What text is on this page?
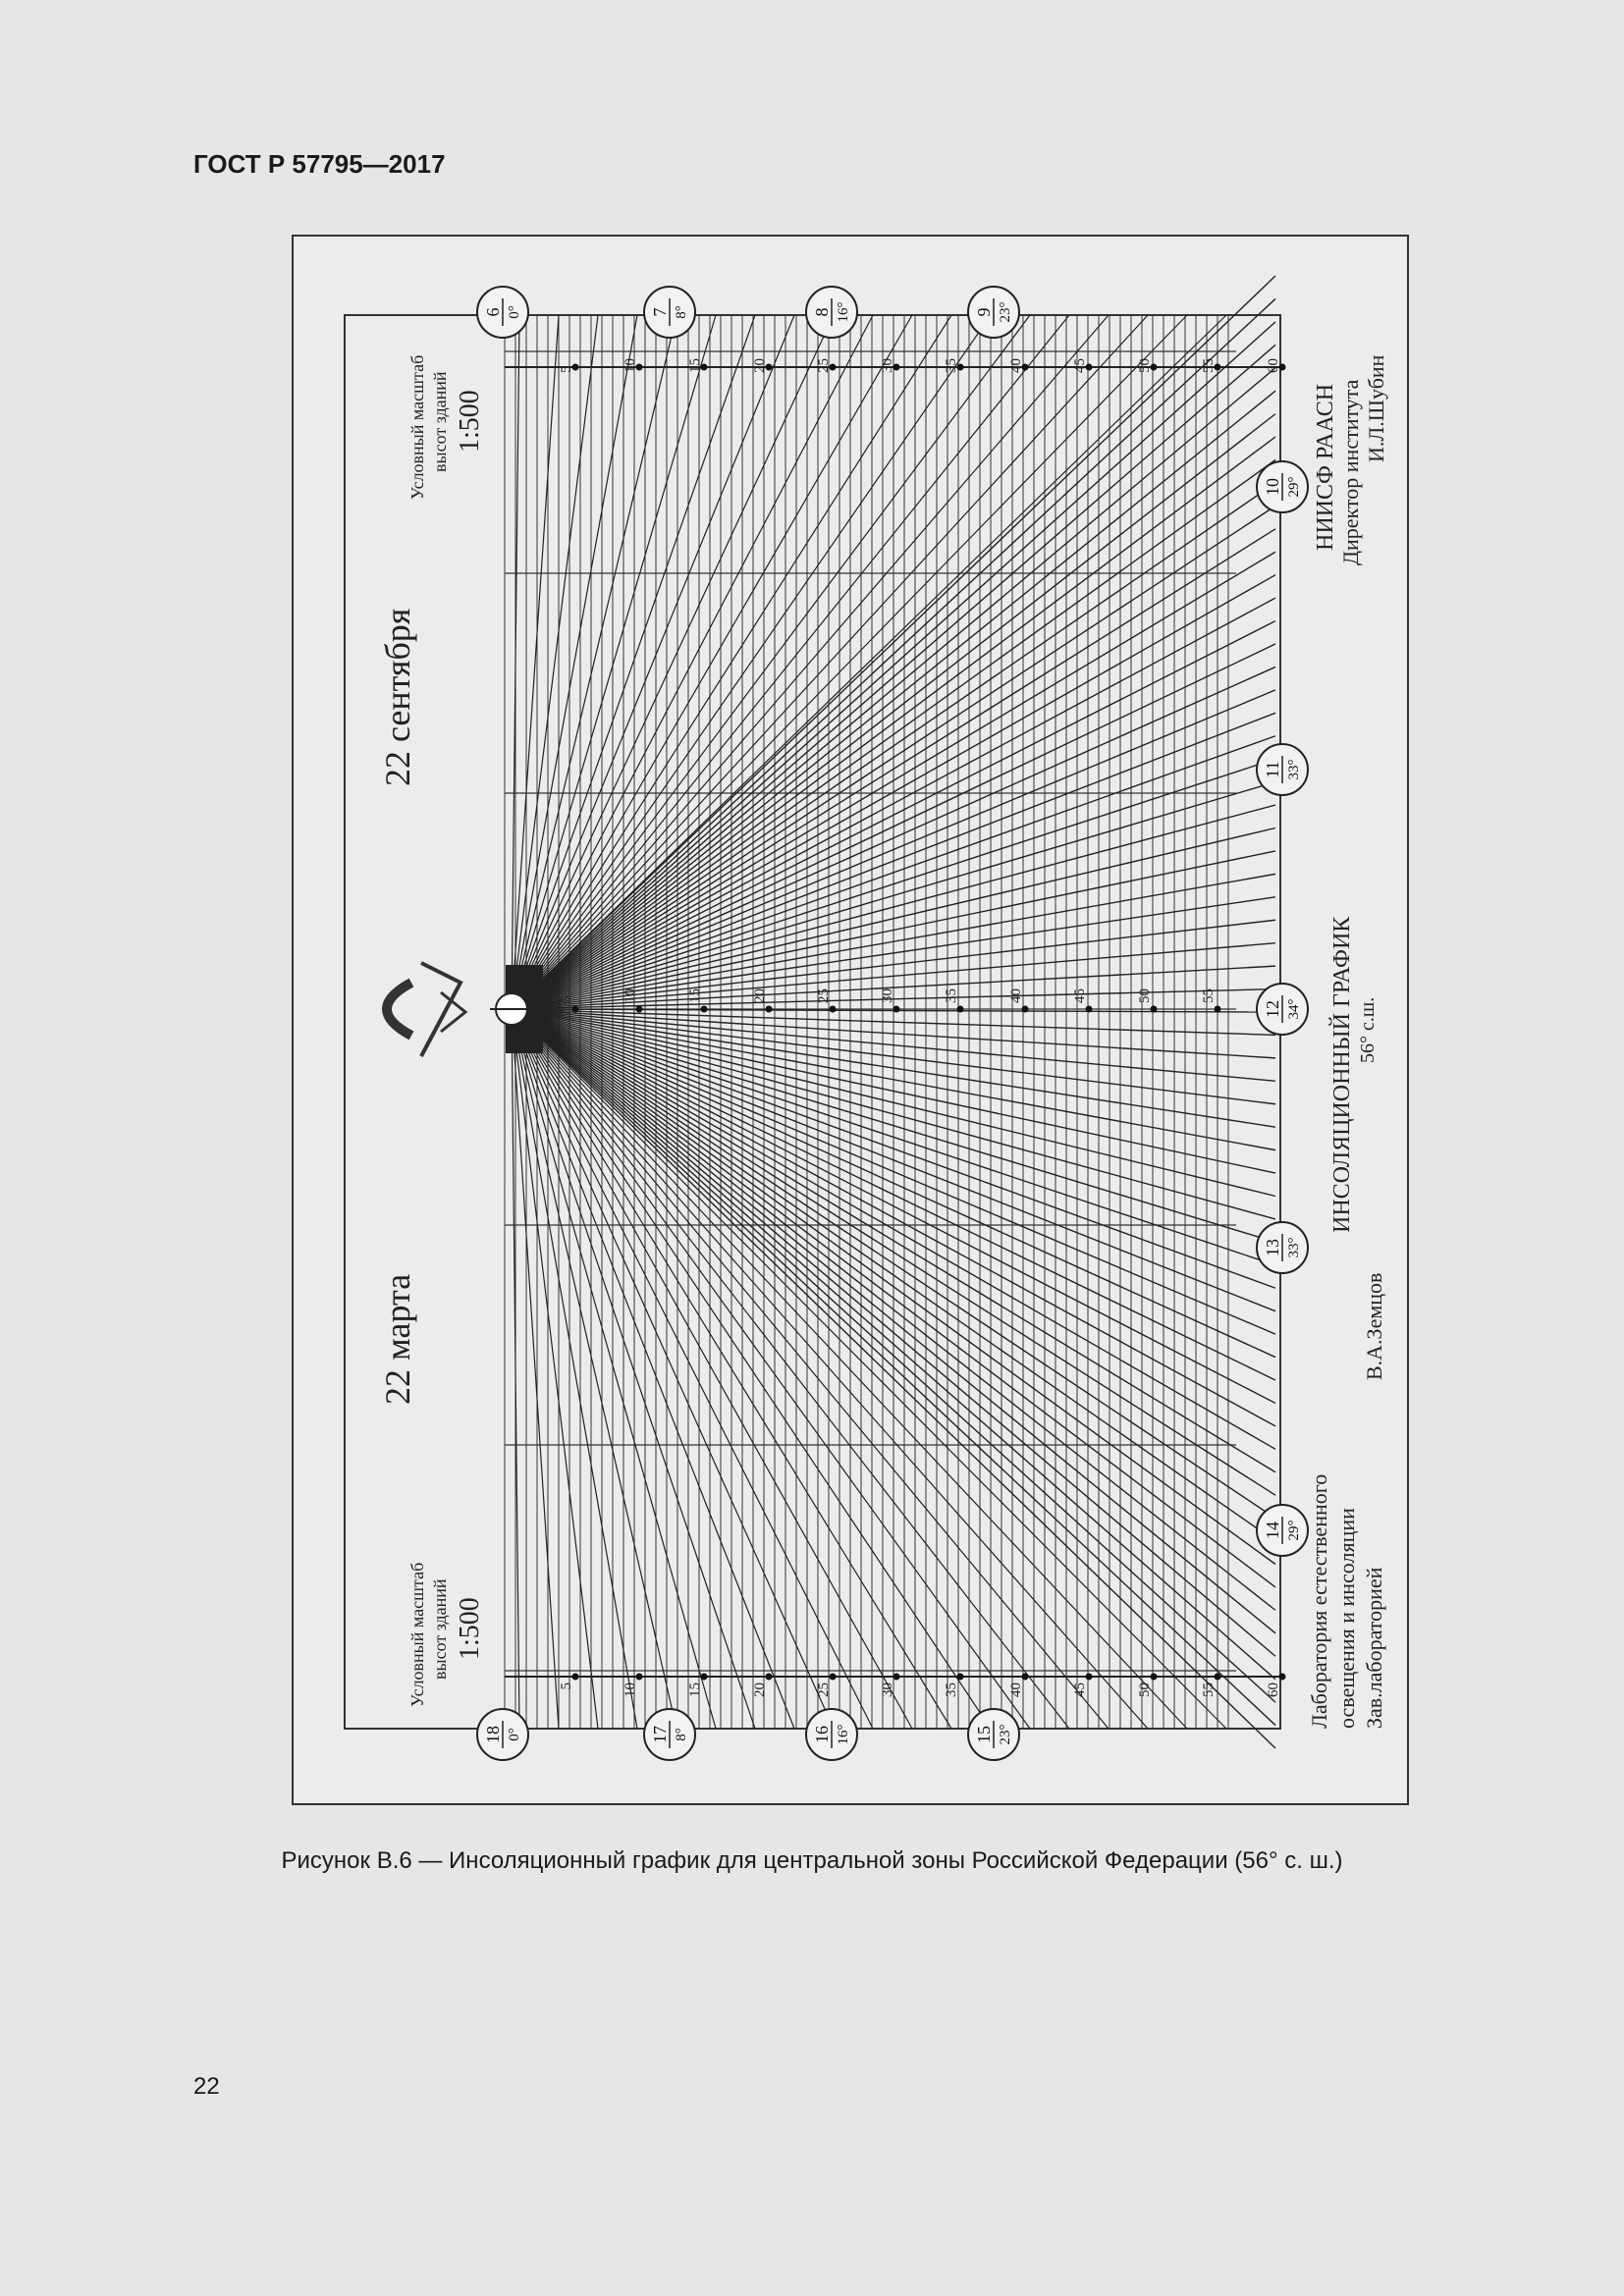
ГОСТ Р 57795—2017
5
5
5
10
10
10
15
15
15
20
20
20
25
25
25
30
30
30
35
35
35
40
40
40
45
45
45
50
50
50
55
55
55
60
60
6 0°	7 8°	8 16°	9 23°
18 0°	17 8°	16 16°	15 23°
10 29°
11 33°
12 34°
13 33°
14 29°
22 марта
22 сентября
Условный масштаб высот зданий 1:500
Условный масштаб высот зданий 1:500
ИНСОЛЯЦИОННЫЙ ГРАФИК 56° с.ш.
Лаборатория естественного освещения и инсоляции Зав.лабораторией
В.А.Земцов
НИИСФ РААСН Директор института И.Л.Шубин
Рисунок В.6 — Инсоляционный график для центральной зоны Российской Федерации (56° с. ш.)
22
